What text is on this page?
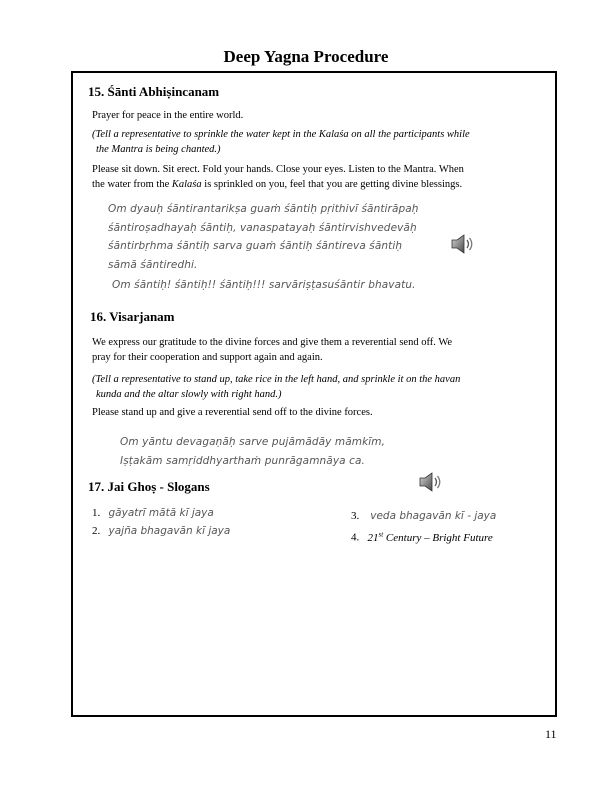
Deep Yagna Procedure
15. Śānti Abhiṣincanam
Prayer for peace in the entire world.
(Tell a representative to sprinkle the water kept in the Kalaśa on all the participants while
the Mantra is being chanted.)
Please sit down. Sit erect. Fold your hands. Close your eyes. Listen to the Mantra. When
the water from the Kalaśa is sprinkled on you, feel that you are getting divine blessings.
Om dyauḥ śāntirantarikṣa guaṁ śāntiḥ pṛithivī śāntirāpaḥ
śāntiroṣadhayaḥ śāntiḥ, vanaspatayaḥ śāntirvishvedevāḥ
śāntirbṛhma śāntiḥ sarva guaṁ śāntiḥ śāntireva śāntiḥ
sāmā śāntiredhi.
Om śāntiḥ! śāntiḥ!! śāntiḥ!!! sarvāriṣṭasuśāntir bhavatu.
16. Visarjanam
We express our gratitude to the divine forces and give them a reverential send off. We
pray for their cooperation and support again and again.
(Tell a representative to stand up, take rice in the left hand, and sprinkle it on the havan
kunda and the altar slowly with right hand.)
Please stand up and give a reverential send off to the divine forces.
Om yāntu devagaṇāḥ sarve pujāmādāy māmkīm,
Iṣṭakām samṛiddhyarthaṁ punrāgamnāya ca.
17. Jai Ghoṣ - Slogans
1. gāyatrī mātā kī jaya
2. yajña bhagavān kī jaya
3. veda bhagavān kī - jaya
4. 21st Century – Bright Future
11
